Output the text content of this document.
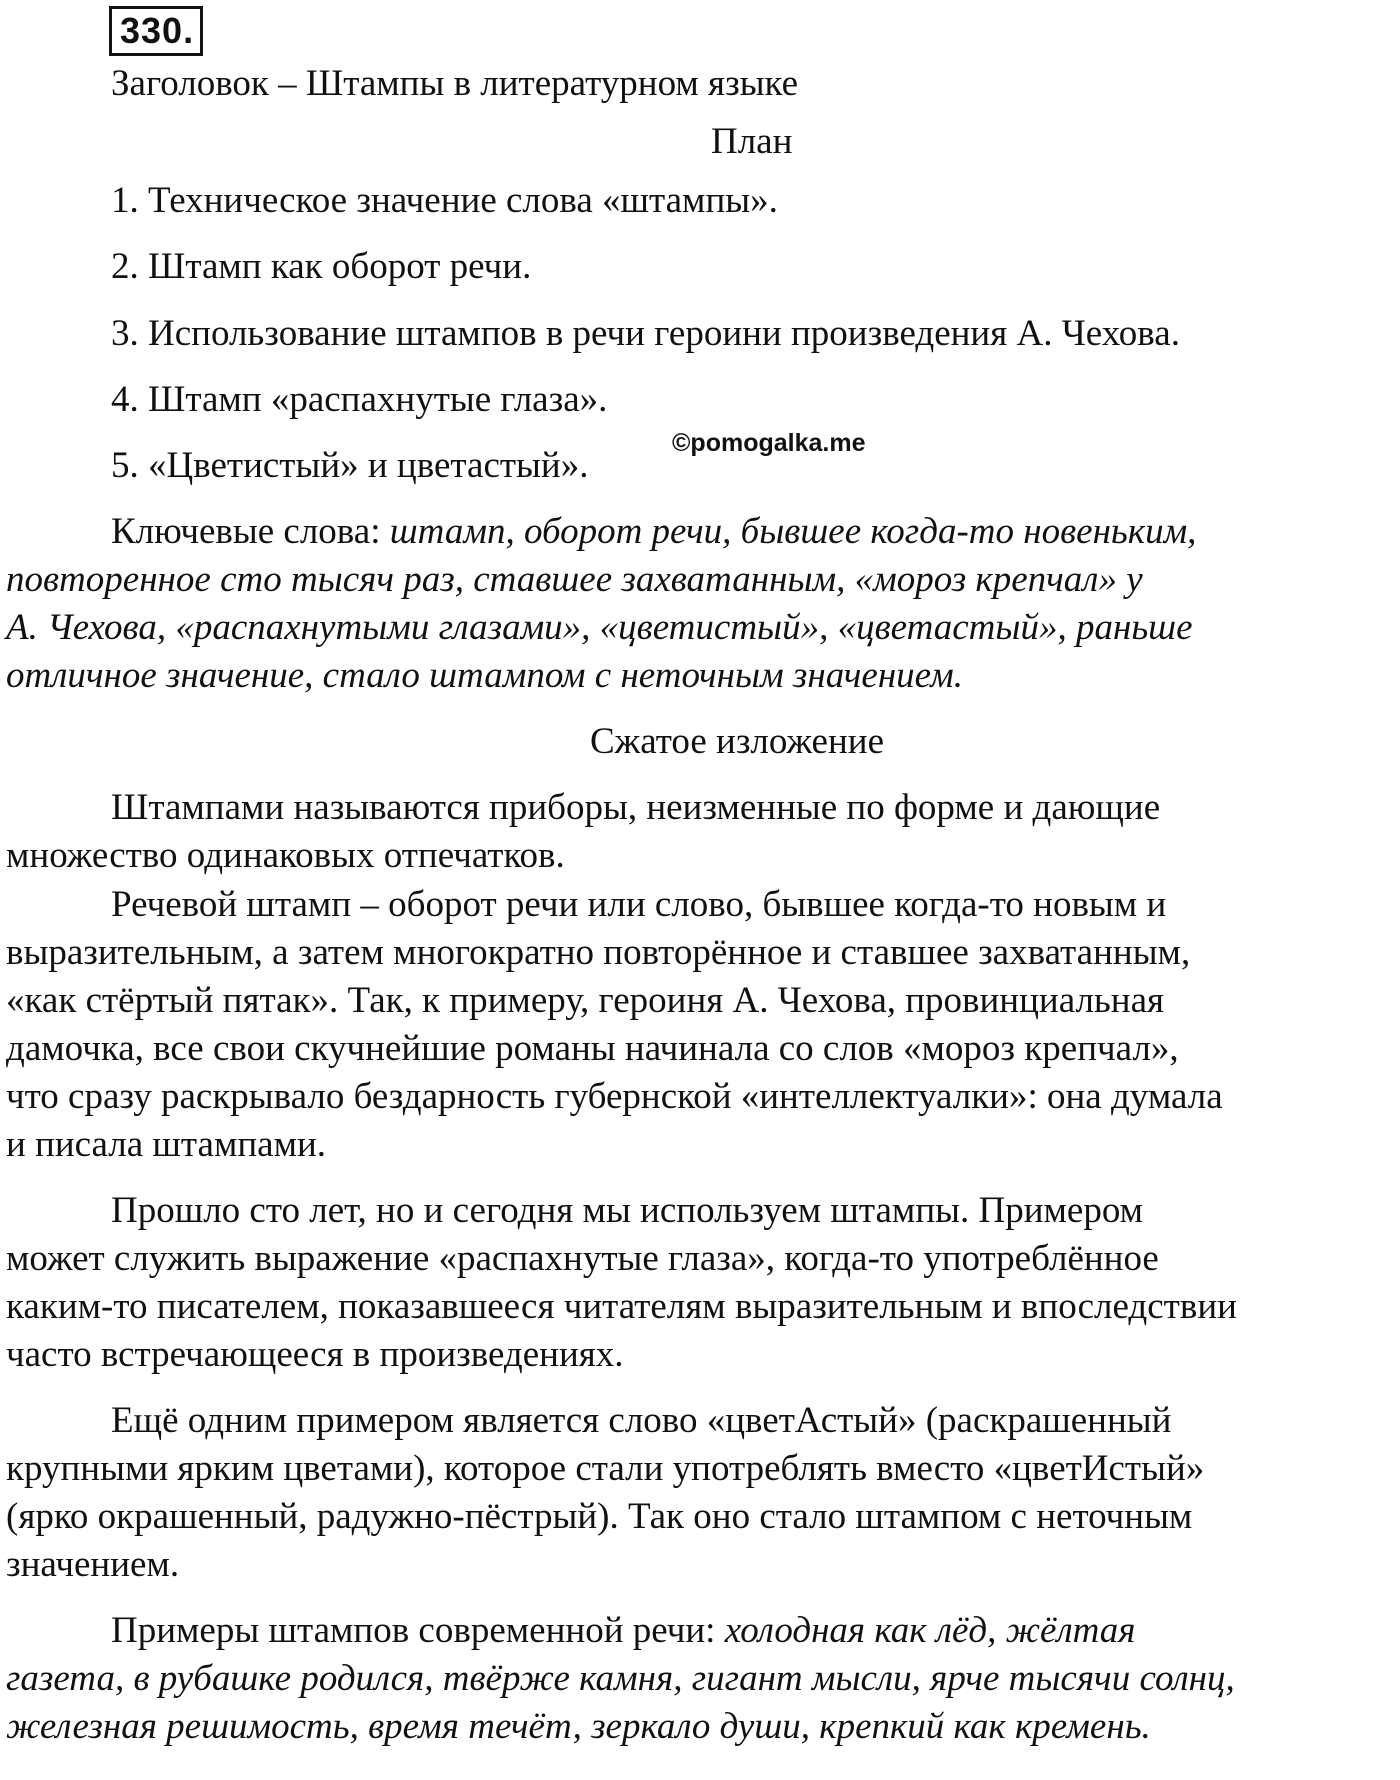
330.
Заголовок – Штампы в литературном языке
План
1. Техническое значение слова «штампы».
2. Штамп как оборот речи.
3. Использование штампов в речи героини произведения А. Чехова.
4. Штамп «распахнутые глаза».
©pomogalka.me
5. «Цветистый» и цветастый».
Ключевые слова: штамп, оборот речи, бывшее когда-то новеньким,
повторенное сто тысяч раз, ставшее захватанным, «мороз крепчал» у
А. Чехова, «распахнутыми глазами», «цветистый», «цветастый», раньше
отличное значение, стало штампом с неточным значением.
Сжатое изложение
Штампами называются приборы, неизменные по форме и дающие
множество одинаковых отпечатков.
Речевой штамп – оборот речи или слово, бывшее когда-то новым и
выразительным, а затем многократно повторённое и ставшее захватанным,
«как стёртый пятак». Так, к примеру, героиня А. Чехова, провинциальная
дамочка, все свои скучнейшие романы начинала со слов «мороз крепчал»,
что сразу раскрывало бездарность губернской «интеллектуалки»: она думала
и писала штампами.
Прошло сто лет, но и сегодня мы используем штампы. Примером
может служить выражение «распахнутые глаза», когда-то употреблённое
каким-то писателем, показавшееся читателям выразительным и впоследствии
часто встречающееся в произведениях.
Ещё одним примером является слово «цветАстый» (раскрашенный
крупными ярким цветами), которое стали употреблять вместо «цветИстый»
(ярко окрашенный, радужно-пёстрый). Так оно стало штампом с неточным
значением.
Примеры штампов современной речи: холодная как лёд, жёлтая
газета, в рубашке родился, твёрже камня, гигант мысли, ярче тысячи солнц,
железная решимость, время течёт, зеркало души, крепкий как кремень.
